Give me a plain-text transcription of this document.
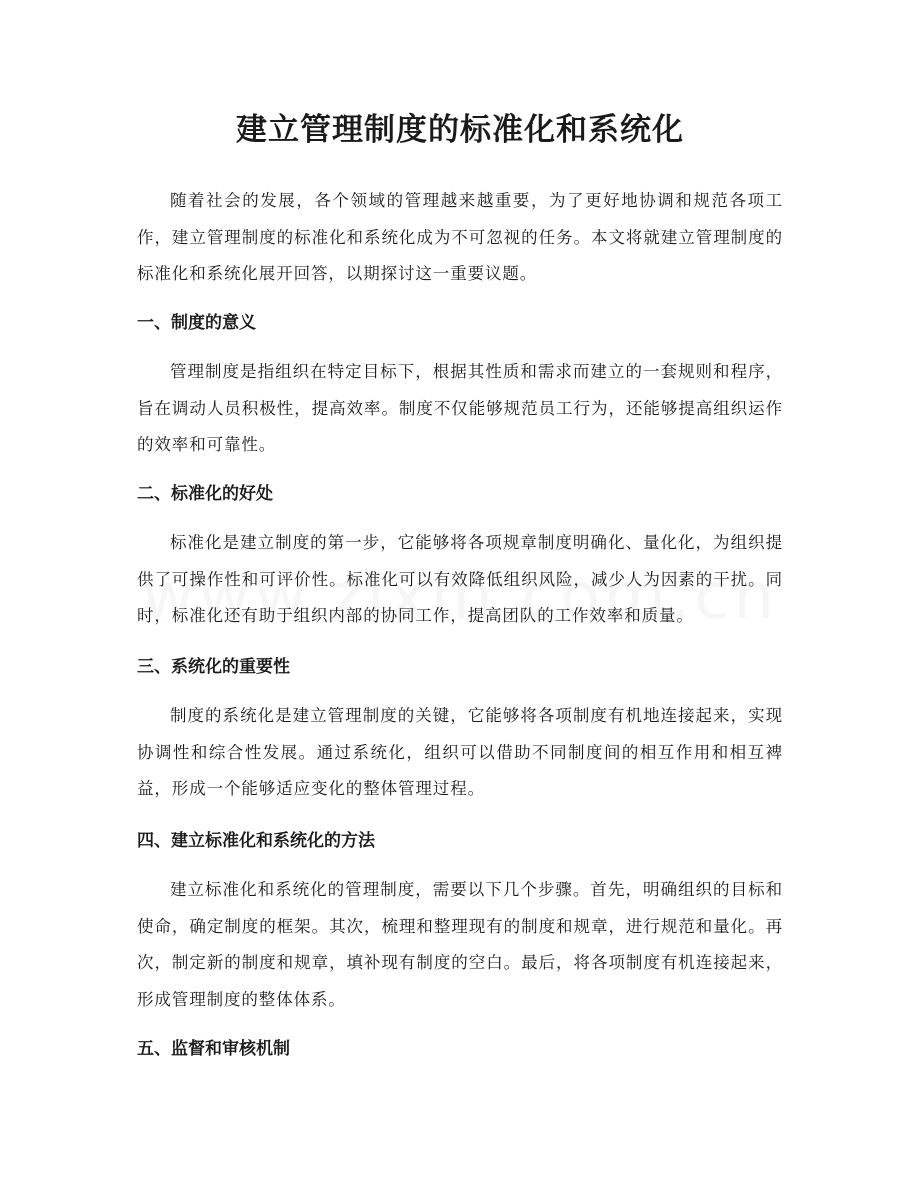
建立管理制度的标准化和系统化

随着社会的发展，各个领域的管理越来越重要，为了更好地协调和规范各项工作，建立管理制度的标准化和系统化成为不可忽视的任务。本文将就建立管理制度的标准化和系统化展开回答，以期探讨这一重要议题。

一、制度的意义

管理制度是指组织在特定目标下，根据其性质和需求而建立的一套规则和程序，旨在调动人员积极性，提高效率。制度不仅能够规范员工行为，还能够提高组织运作的效率和可靠性。

二、标准化的好处

标准化是建立制度的第一步，它能够将各项规章制度明确化、量化化，为组织提供了可操作性和可评价性。标准化可以有效降低组织风险，减少人为因素的干扰。同时，标准化还有助于组织内部的协同工作，提高团队的工作效率和质量。

三、系统化的重要性

制度的系统化是建立管理制度的关键，它能够将各项制度有机地连接起来，实现协调性和综合性发展。通过系统化，组织可以借助不同制度间的相互作用和相互裨益，形成一个能够适应变化的整体管理过程。

四、建立标准化和系统化的方法

建立标准化和系统化的管理制度，需要以下几个步骤。首先，明确组织的目标和使命，确定制度的框架。其次，梳理和整理现有的制度和规章，进行规范和量化。再次，制定新的制度和规章，填补现有制度的空白。最后，将各项制度有机连接起来，形成管理制度的整体体系。

五、监督和审核机制
